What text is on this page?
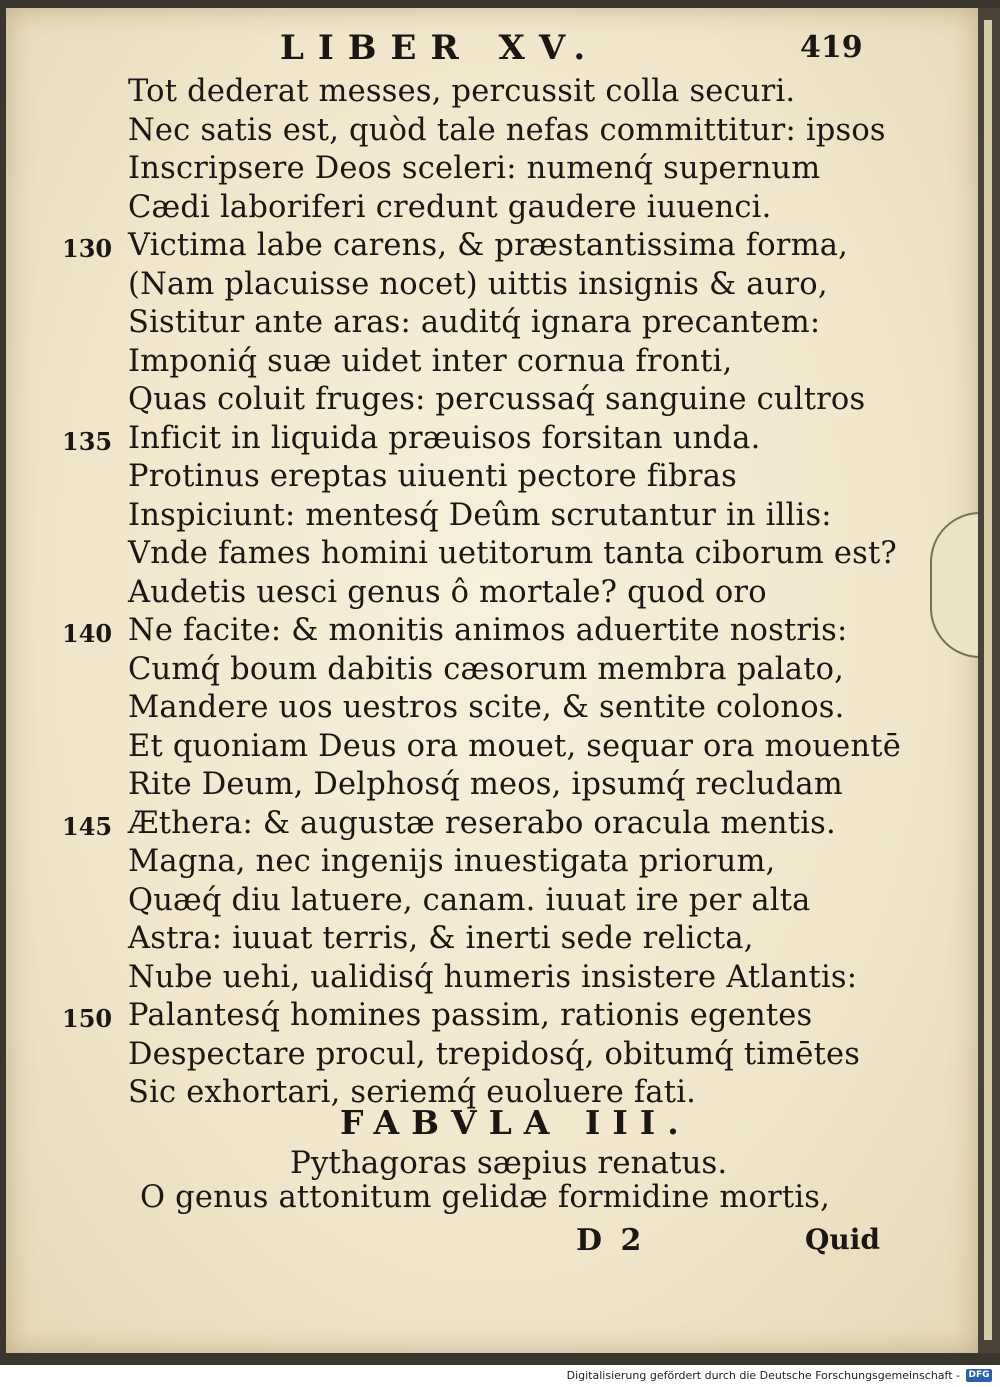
LIBER XV.	419
Tot dederat messes, percussit colla securi.
Nec satis est, quòd tale nefas committitur: ipsos
Inscripsere Deos sceleri: numenq́ supernum
Cædi laboriferi credunt gaudere iuuenci.
Victima labe carens, & præstantissima forma,
130
(Nam placuisse nocet) uittis insignis & auro,
Sistitur ante aras: auditq́ ignara precantem:
Imponiq́ suæ uidet inter cornua fronti,
Quas coluit fruges: percussaq́ sanguine cultros
Inficit in liquida præuisos forsitan unda.
135
Protinus ereptas uiuenti pectore fibras
Inspiciunt: mentesq́ Deûm scrutantur in illis:
Vnde fames homini uetitorum tanta ciborum est?
Audetis uesci genus ô mortale? quod oro
Ne facite: & monitis animos aduertite nostris:
140
Cumq́ boum dabitis cæsorum membra palato,
Mandere uos uestros scite, & sentite colonos.
Et quoniam Deus ora mouet, sequar ora mouentē
Rite Deum, Delphosq́ meos, ipsumq́ recludam
Æthera: & augustæ reserabo oracula mentis.
145
Magna, nec ingenijs inuestigata priorum,
Quæq́ diu latuere, canam. iuuat ire per alta
Astra: iuuat terris, & inerti sede relicta,
Nube uehi, ualidisq́ humeris insistere Atlantis:
Palantesq́ homines passim, rationis egentes
150
Despectare procul, trepidosq́, obitumq́ timētes
Sic exhortari, seriemq́ euoluere fati.
FABVLA III.
Pythagoras sæpius renatus.
O genus attonitum gelidæ formidine mortis,
D 2	Quid
Digitalisierung gefördert durch die Deutsche Forschungsgemeinschaft - DFG
